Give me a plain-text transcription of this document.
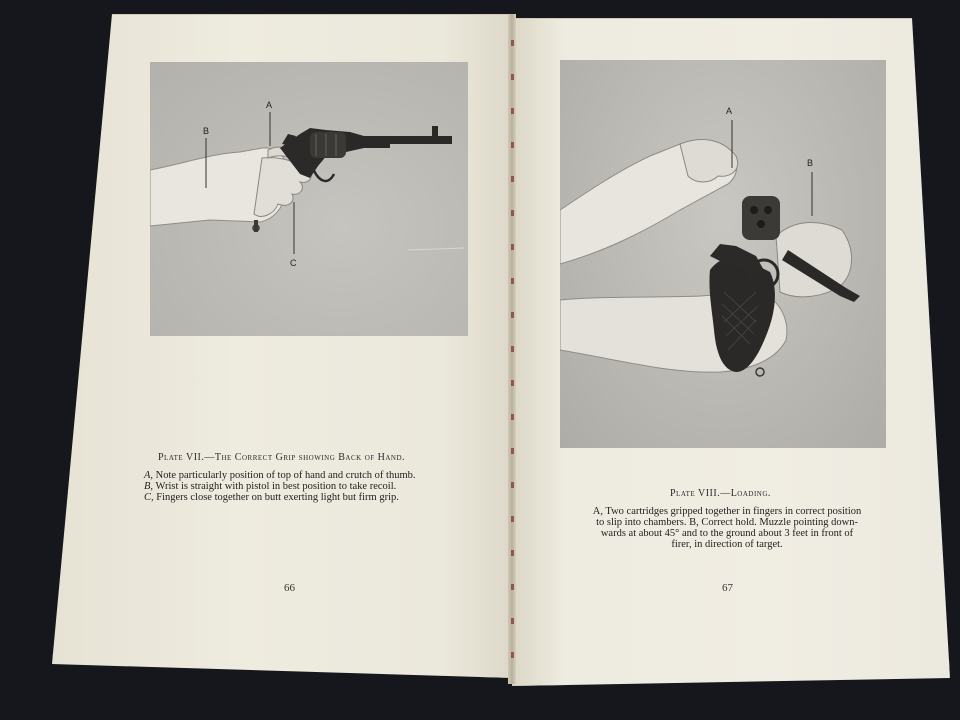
A
B
C
Plate VII.—The Correct Grip showing Back of Hand.
A, Note particularly position of top of hand and crutch of thumb.
B, Wrist is straight with pistol in best position to take recoil.
C, Fingers close together on butt exerting light but firm grip.
66
A
B
Plate VIII.—Loading.
A, Two cartridges gripped together in fingers in correct position
to slip into chambers. B, Correct hold. Muzzle pointing down-
wards at about 45° and to the ground about 3 feet in front of
firer, in direction of target.
67
